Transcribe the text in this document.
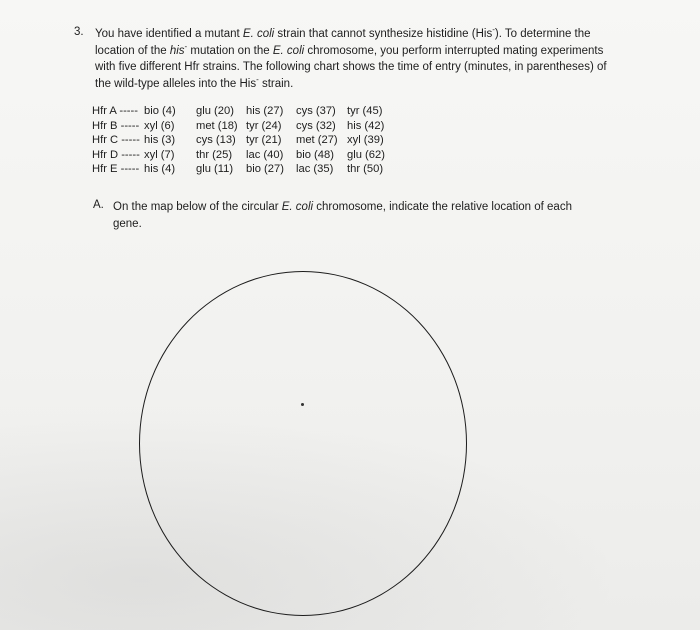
3. You have identified a mutant E. coli strain that cannot synthesize histidine (His-). To determine the location of the his- mutation on the E. coli chromosome, you perform interrupted mating experiments with five different Hfr strains. The following chart shows the time of entry (minutes, in parentheses) of the wild-type alleles into the His- strain.
Hfr A -----	bio (4)	glu (20)	his (27)	cys (37)	tyr (45)
Hfr B -----	xyl (6)	met (18)	tyr (24)	cys (32)	his (42)
Hfr C -----	his (3)	cys (13)	tyr (21)	met (27)	xyl (39)
Hfr D -----	xyl (7)	thr (25)	lac (40)	bio (48)	glu (62)
Hfr E -----	his (4)	glu (11)	bio (27)	lac (35)	thr (50)
A. On the map below of the circular E. coli chromosome, indicate the relative location of each gene.
